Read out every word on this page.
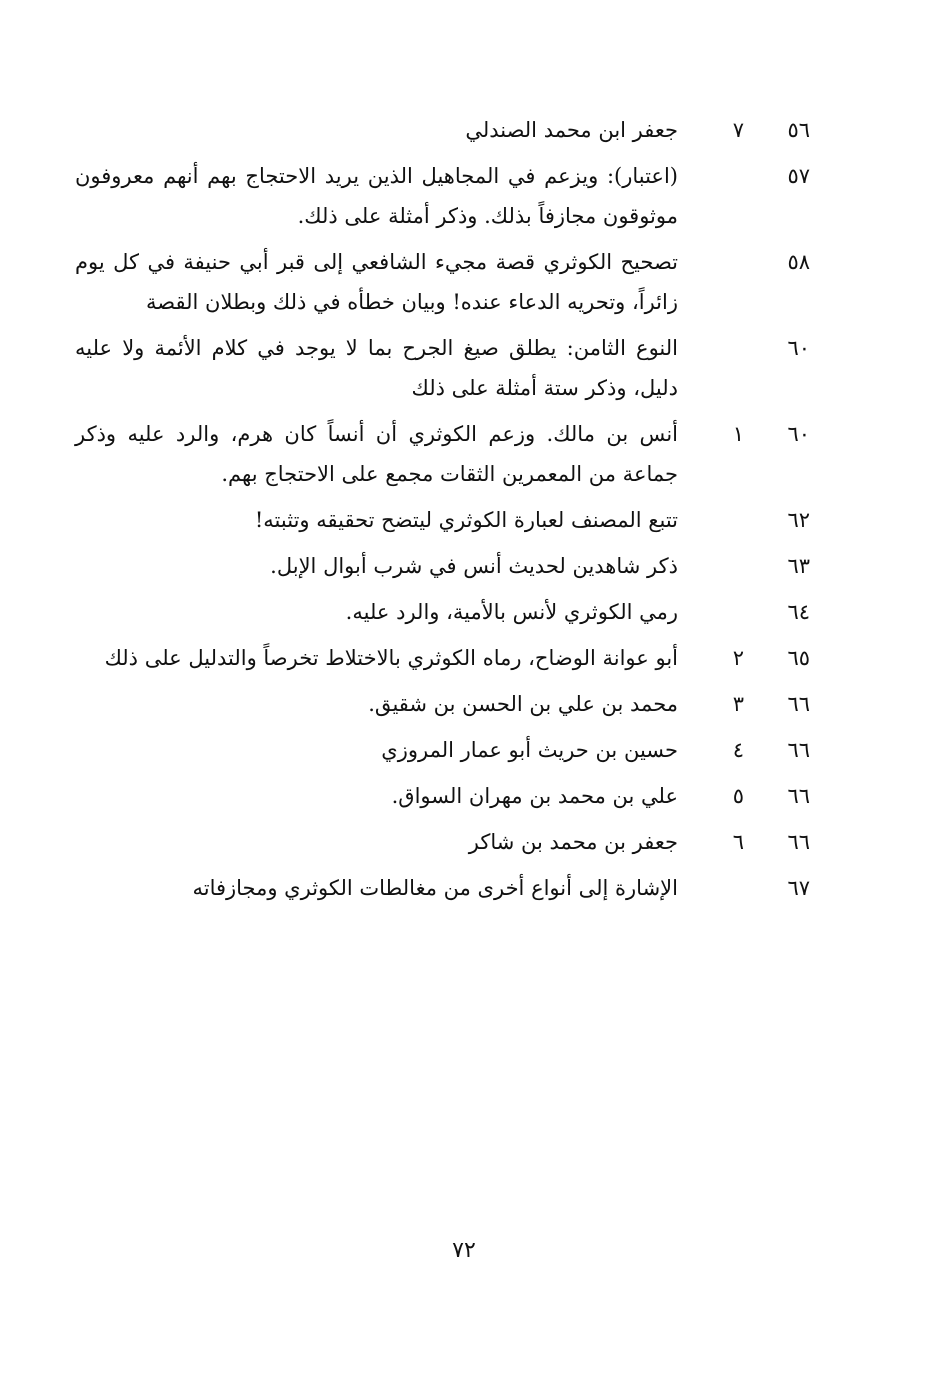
٥٦
٧
جعفر ابن محمد الصندلي
٥٧
(اعتبار): ويزعم في المجاهيل الذين يريد الاحتجاج بهم أنهم معروفون موثوقون مجازفاً بذلك. وذكر أمثلة على ذلك.
٥٨
تصحيح الكوثري قصة مجيء الشافعي إلى قبر أبي حنيفة في كل يوم زائراً، وتحريه الدعاء عنده! وبيان خطأه في ذلك وبطلان القصة
٦٠
النوع الثامن: يطلق صيغ الجرح بما لا يوجد في كلام الأئمة ولا عليه دليل، وذكر ستة أمثلة على ذلك
٦٠
١
أنس بن مالك. وزعم الكوثري أن أنساً كان هرم، والرد عليه وذكر جماعة من المعمرين الثقات مجمع على الاحتجاج بهم.
٦٢
تتبع المصنف لعبارة الكوثري ليتضح تحقيقه وتثبته!
٦٣
ذكر شاهدين لحديث أنس في شرب أبوال الإبل.
٦٤
رمي الكوثري لأنس بالأمية، والرد عليه.
٦٥
٢
أبو عوانة الوضاح، رماه الكوثري بالاختلاط تخرصاً والتدليل على ذلك
٦٦
٣
محمد بن علي بن الحسن بن شقيق.
٦٦
٤
حسين بن حريث أبو عمار المروزي
٦٦
٥
علي بن محمد بن مهران السواق.
٦٦
٦
جعفر بن محمد بن شاكر
٦٧
الإشارة إلى أنواع أخرى من مغالطات الكوثري ومجازفاته
٧٢
